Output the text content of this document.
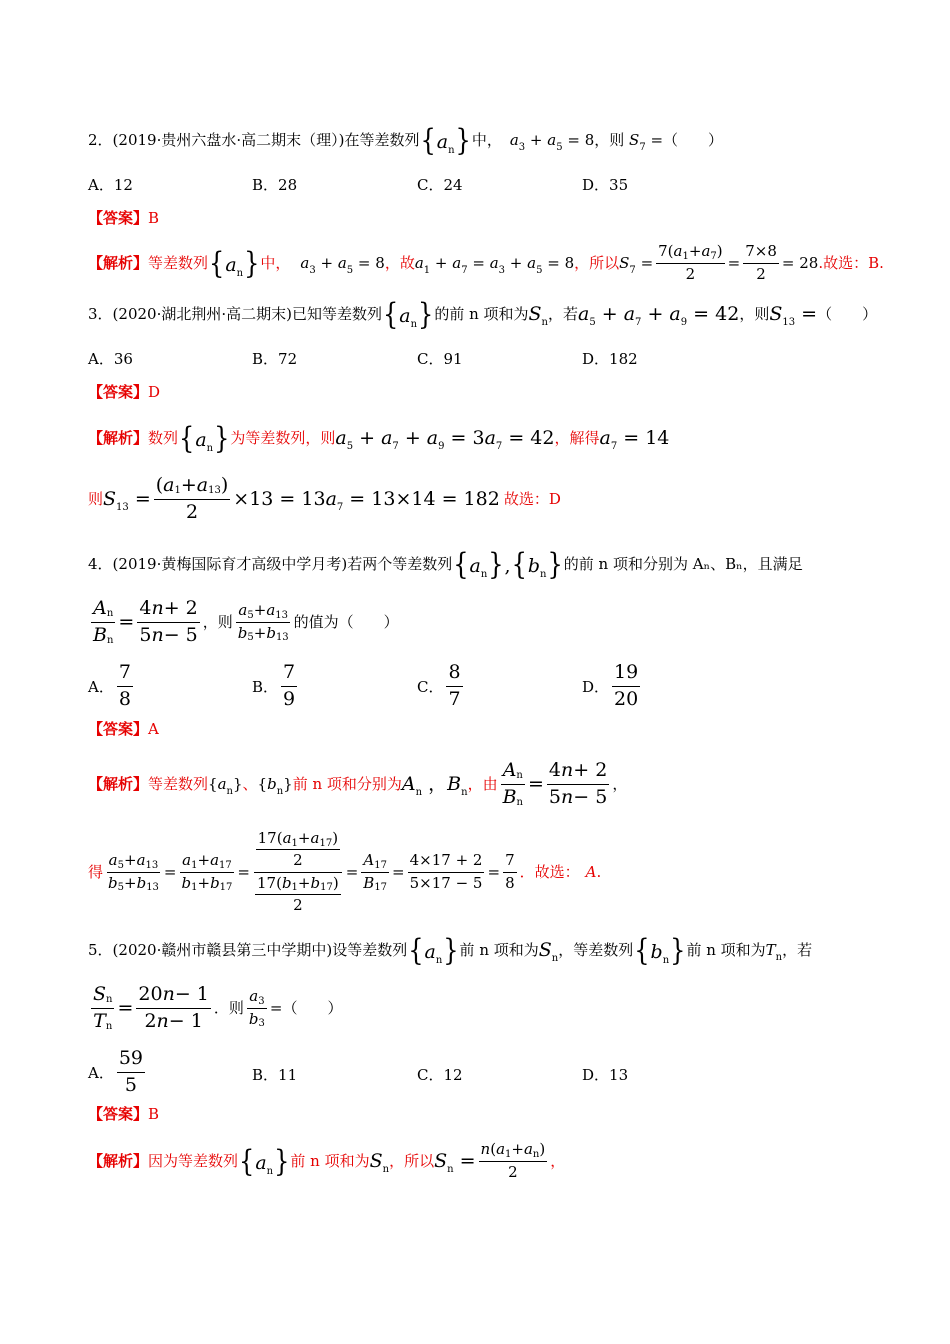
2．(2019·贵州六盘水·高二期末（理）)在等差数列 $\{a_n\}$ 中， $a_3 + a_5 = 8$ ，则 $S_7$ =（　　）
A．12	B．28	C．24	D．35
【答案】 B
【解析】 等差数列 $\{a_n\}$ 中， $a_3 + a_5 = 8$ ，故 $a_1 + a_7 = a_3 + a_5 = 8$ ，所以 $S_7 = \frac{7( a 1 + a 7 )}{2} = \frac{7\times 8}{2} = 28$ .故选：B.
3．(2020·湖北荆州·高二期末)已知等差数列 $\{a_n\}$ 的前 n 项和为 $S_n$ ，若 $a_5 + a_7 + a_9 = 42$ ，则 $S_{13}$ = （　　）
A．36	B．72	C．91	D．182
【答案】 D
【解析】 数列 $\{a_n\}$ 为等差数列，则 $a_5 + a_7 + a_9 = 3a_7 = 42$ ，解得 $a_7 = 14$
则 $S_{13} = \frac{( a 1 + a 13 )}{2} \times 13 = 13a_7 = 13\times 14 = 182$ 故选：D
4．(2019·黄梅国际育才高级中学月考)若两个等差数列 $\{a_n\},\{b_n\}$ 的前 n 项和分别为 Aₙ、Bₙ，且满足
$\frac{\text{A n}}{\text{B n}} = \frac{4 n + 2}{5 n - 5}$ ，则 $\frac{a 5 + a 13}{b 5 + b 13}$ 的值为（　　）
A． $\frac{7}{8}$	B． $\frac{7}{9}$	C． $\frac{8}{7}$	D． $\frac{19}{20}$
【答案】 A
【解析】 等差数列 $\{a_n\}$ 、 $\{b_n\}$ 前 n 项和分别为 $A_n$ ，$B_n$ ，由 $\frac{\text{A n}}{\text{B n}} = \frac{4 n + 2}{5 n - 5}$ ，
得 $\frac{a 5 + a 13}{b 5 + b 13} = \frac{a 1 + a 17}{b 1 + b 17} = \frac{\frac{17( a 1 + a 17 )}{2}}{\frac{17( b 1 + b 17 )}{2}} = \frac{A 17}{B 17} = \frac{4\times 17 + 2}{5\times 17 - 5} = \frac{7}{8}$ ．故选： A .
5．(2020·赣州市赣县第三中学期中)设等差数列 $\{a_n\}$ 前 n 项和为 $S_n$ ，等差数列 $\{b_n\}$ 前 n 项和为 $T_n$ ，若
$\frac{\text{S n}}{\text{T n}} = \frac{20 n - 1}{2 n - 1}$ ．则 $\frac{a 3}{b 3}$ = （　　）
A． $\frac{59}{5}$	B．11	C．12	D．13
【答案】 B
【解析】 因为等差数列 $\{a_n\}$ 前 n 项和为 $S_n$ ，所以 $S_n = \frac{\text{n ( a 1 + a n )}}{2}$ ，
